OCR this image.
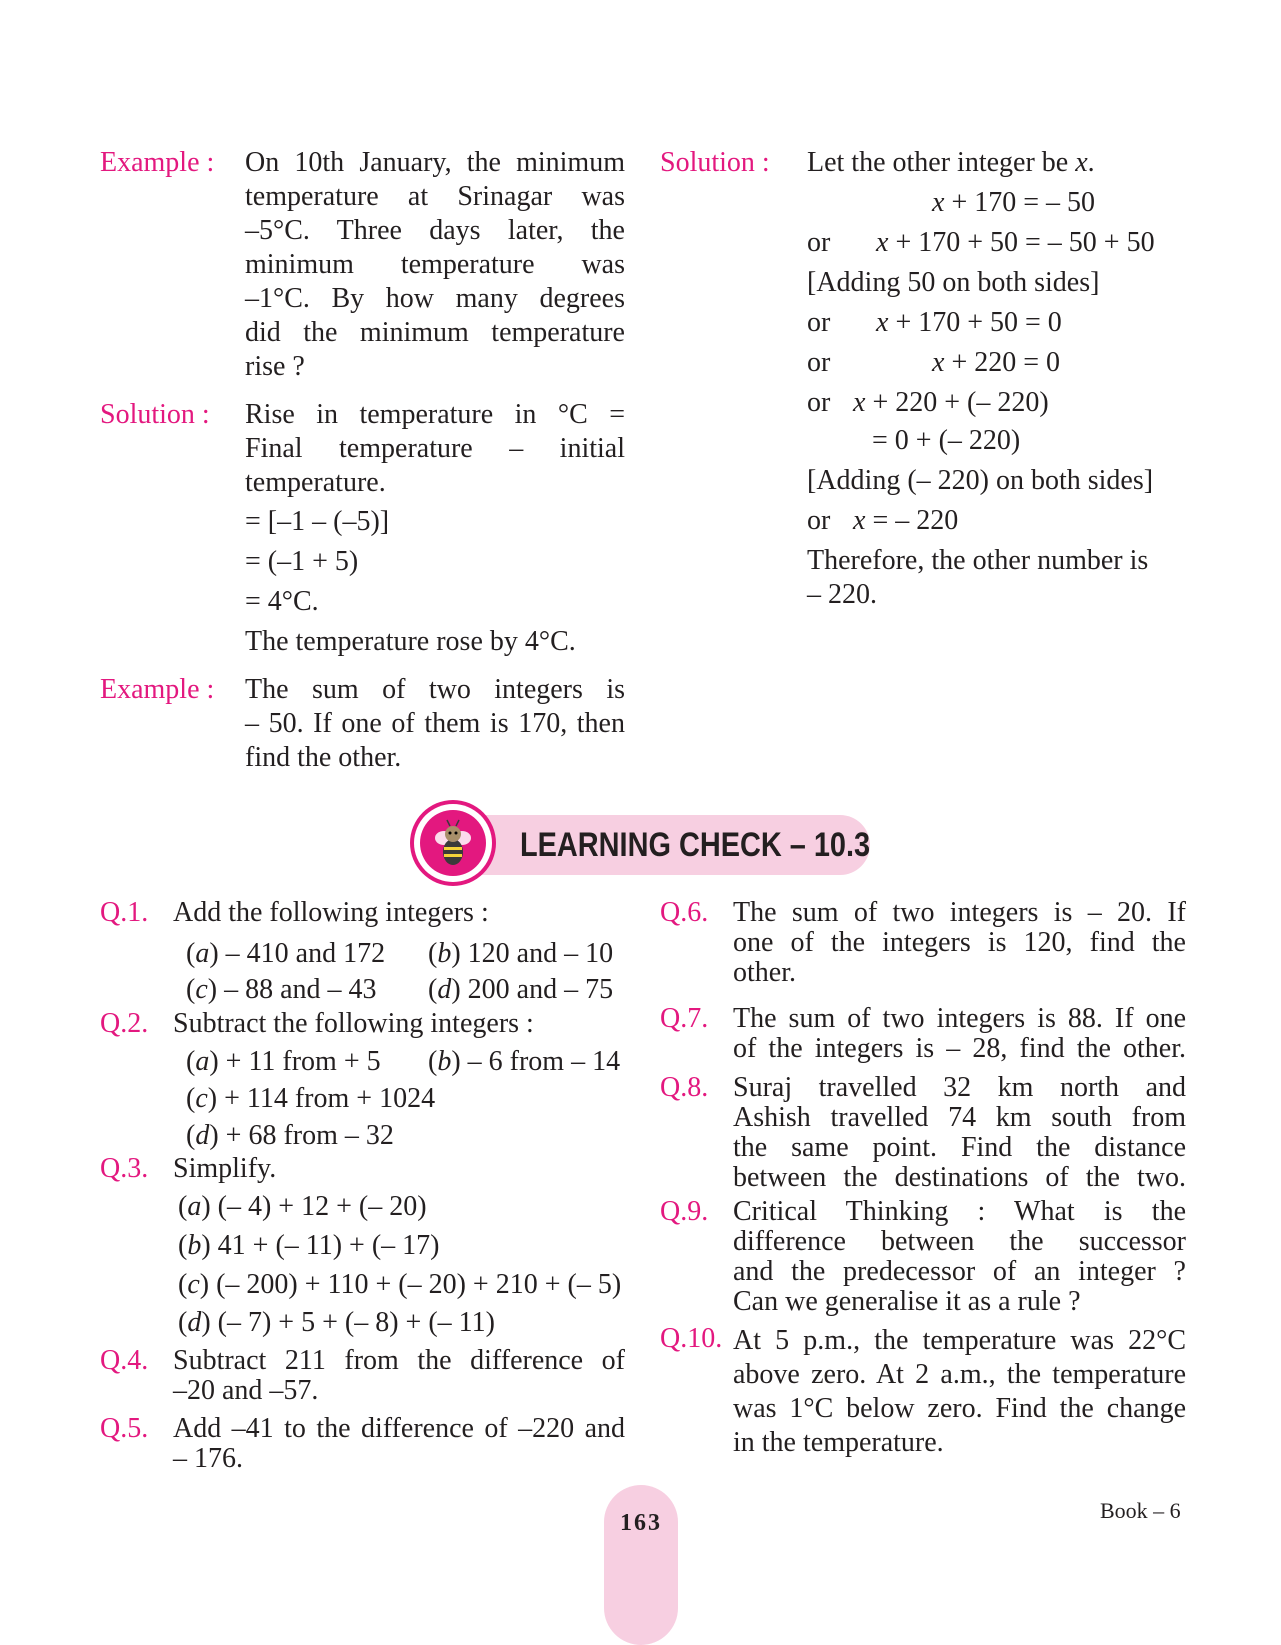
Example : On 10th January, the minimum
temperature at Srinagar was
–5°C. Three days later, the
minimum temperature was
–1°C. By how many degrees
did the minimum temperature
rise ?
Solution : Rise in temperature in °C =
Final temperature – initial
temperature.
= [–1 – (–5)]
= (–1 + 5)
= 4°C.
The temperature rose by 4°C.
Example : The sum of two integers is
– 50. If one of them is 170, then
find the other.
Solution : Let the other integer be x.
x + 170 = – 50
or x + 170 + 50 = – 50 + 50
[Adding 50 on both sides]
or x + 170 + 50 = 0
or	x + 220 = 0
or x + 220 + (– 220)
= 0 + (– 220)
[Adding (– 220) on both sides]
or x = – 220
Therefore, the other number is
– 220.
LEARNING CHECK – 10.3
Q.1. Add the following integers :
(a) – 410 and 172 (b) 120 and – 10
(c) – 88 and – 43 (d) 200 and – 75
Q.2. Subtract the following integers :
(a) + 11 from + 5 (b) – 6 from – 14
(c) + 114 from + 1024
(d) + 68 from – 32
Q.3. Simplify.
(a) (– 4) + 12 + (– 20)
(b) 41 + (– 11) + (– 17)
(c) (– 200) + 110 + (– 20) + 210 + (– 5)
(d) (– 7) + 5 + (– 8) + (– 11)
Q.4. Subtract 211 from the difference of
–20 and –57.
Q.5. Add –41 to the difference of –220 and
– 176.
Q.6. The sum of two integers is – 20. If
one of the integers is 120, find the
other.
Q.7. The sum of two integers is 88. If one
of the integers is – 28, find the other.
Q.8. Suraj travelled 32 km north and
Ashish travelled 74 km south from
the same point. Find the distance
between the destinations of the two.
Q.9. Critical Thinking : What is the
difference between the successor
and the predecessor of an integer ?
Can we generalise it as a rule ?
Q.10. At 5 p.m., the temperature was 22°C
above zero. At 2 a.m., the temperature
was 1°C below zero. Find the change
in the temperature.
163	Book – 6
